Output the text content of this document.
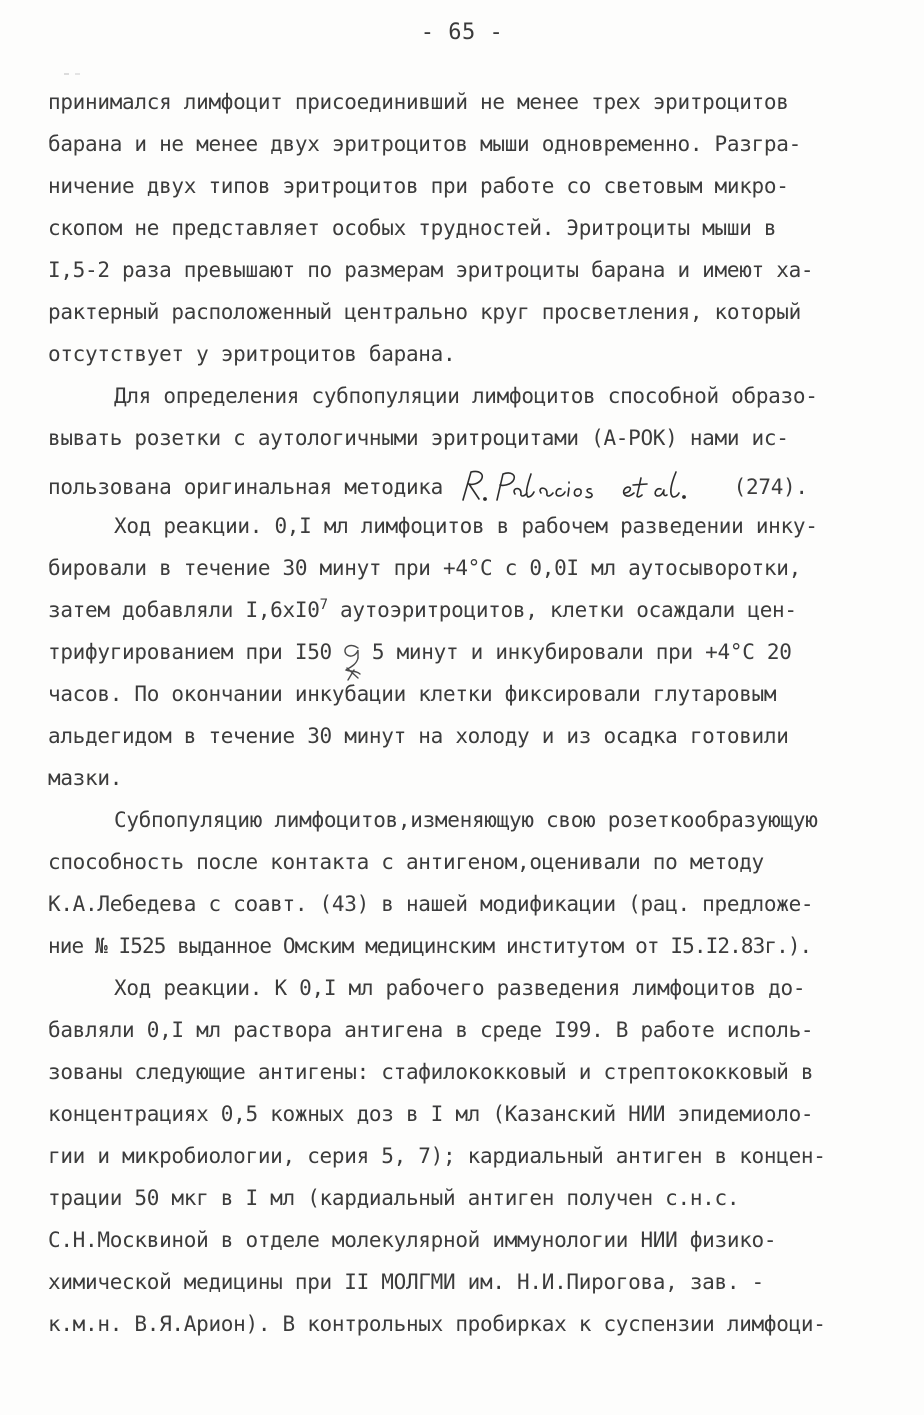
- 65 -
принимался лимфоцит присоединивший не менее трех эритроцитов
барана и не менее двух эритроцитов мыши одновременно. Разгра-
ничение двух типов эритроцитов при работе со световым микро-
скопом не представляет особых трудностей. Эритроциты мыши в
I,5-2 раза превышают по размерам эритроциты барана и имеют ха-
рактерный расположенный центрально круг просветления, который
отсутствует у эритроцитов барана.
Для определения субпопуляции лимфоцитов способной образо-
вывать розетки с аутологичными эритроцитами (А-РОК) нами ис-
пользована оригинальная методика	(274).
Ход реакции. 0,I мл лимфоцитов в рабочем разведении инку-
бировали в течение 30 минут при +4°C с 0,0I мл аутосыворотки,
затем добавляли $I,6xI0^7$ аутоэритроцитов, клетки осаждали цен-
трифугированием при I50 5 минут и инкубировали при +4°C 20
часов. По окончании инкубации клетки фиксировали глутаровым
альдегидом в течение 30 минут на холоду и из осадка готовили
мазки.
Субпопуляцию лимфоцитов,изменяющую свою розеткообразующую
способность после контакта с антигеном,оценивали по методу
К.А.Лебедева с соавт. (43) в нашей модификации (рац. предложе-
ние № I525 выданное Омским медицинским институтом от I5.I2.83г.).
Ход реакции. К 0,I мл рабочего разведения лимфоцитов до-
бавляли 0,I мл раствора антигена в среде I99. В работе исполь-
зованы следующие антигены: стафилококковый и стрептококковый в
концентрациях 0,5 кожных доз в I мл (Казанский НИИ эпидемиоло-
гии и микробиологии, серия 5, 7); кардиальный антиген в концен-
трации 50 мкг в I мл (кардиальный антиген получен с.н.с.
С.Н.Москвиной в отделе молекулярной иммунологии НИИ физико-
химической медицины при II МОЛГМИ им. Н.И.Пирогова, зав. -
к.м.н. В.Я.Арион). В контрольных пробирках к суспензии лимфоци-
